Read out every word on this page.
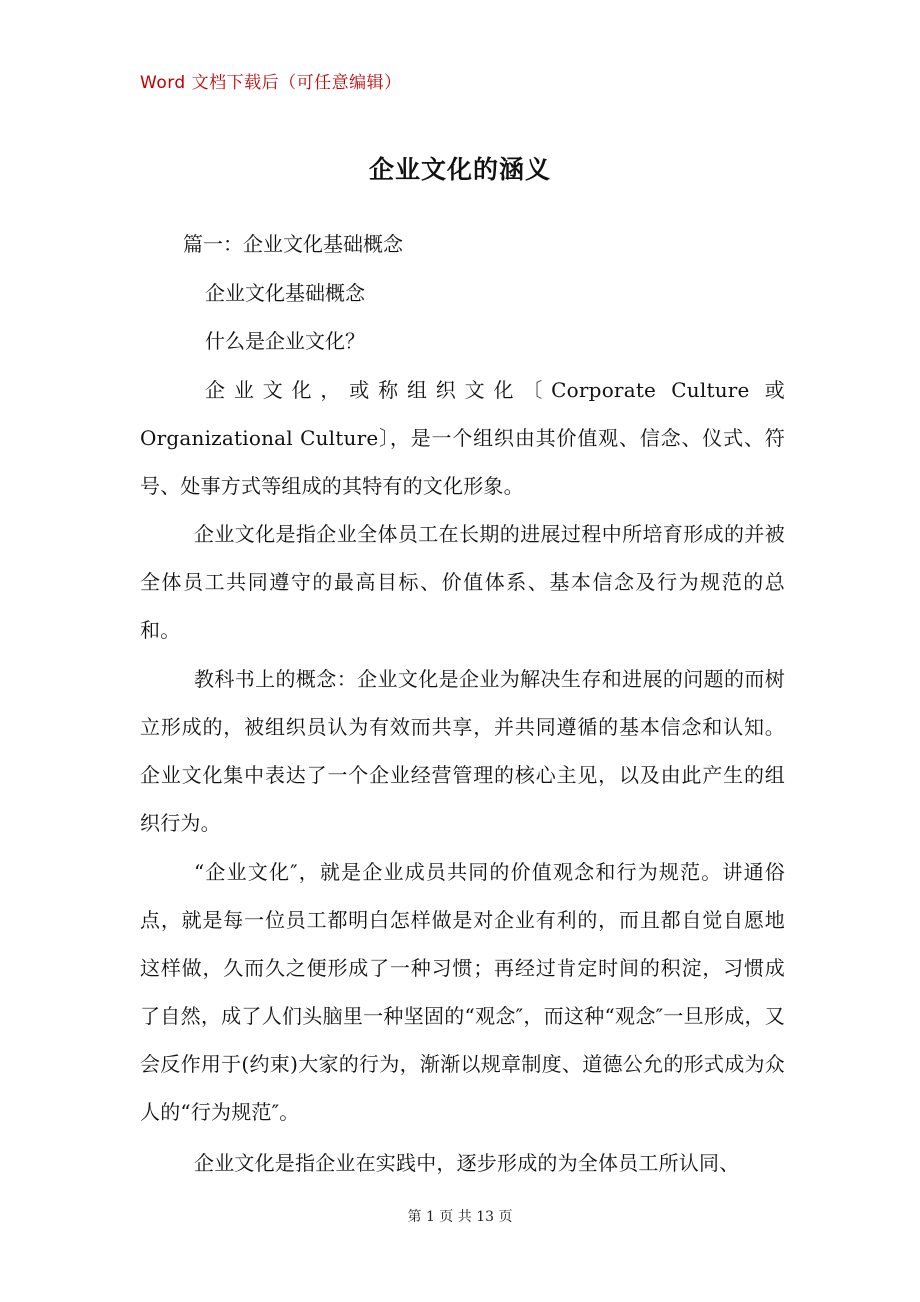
Word 文档下载后（可任意编辑）
企业文化的涵义
篇一：企业文化基础概念
企业文化基础概念
什么是企业文化？
企业文化，或称组织文化〔Corporate Culture 或 Organizational Culture〕，是一个组织由其价值观、信念、仪式、符号、处事方式等组成的其特有的文化形象。
企业文化是指企业全体员工在长期的进展过程中所培育形成的并被全体员工共同遵守的最高目标、价值体系、基本信念及行为规范的总和。
教科书上的概念：企业文化是企业为解决生存和进展的问题的而树立形成的，被组织员认为有效而共享，并共同遵循的基本信念和认知。 企业文化集中表达了一个企业经营管理的核心主见，以及由此产生的组织行为。
“企业文化″，就是企业成员共同的价值观念和行为规范。讲通俗点，就是每一位员工都明白怎样做是对企业有利的，而且都自觉自愿地这样做，久而久之便形成了一种习惯；再经过肯定时间的积淀，习惯成了自然，成了人们头脑里一种坚固的“观念″，而这种“观念″一旦形成，又会反作用于(约束)大家的行为，渐渐以规章制度、道德公允的形式成为众人的“行为规范″。
企业文化是指企业在实践中，逐步形成的为全体员工所认同、
第 1 页 共 13 页
